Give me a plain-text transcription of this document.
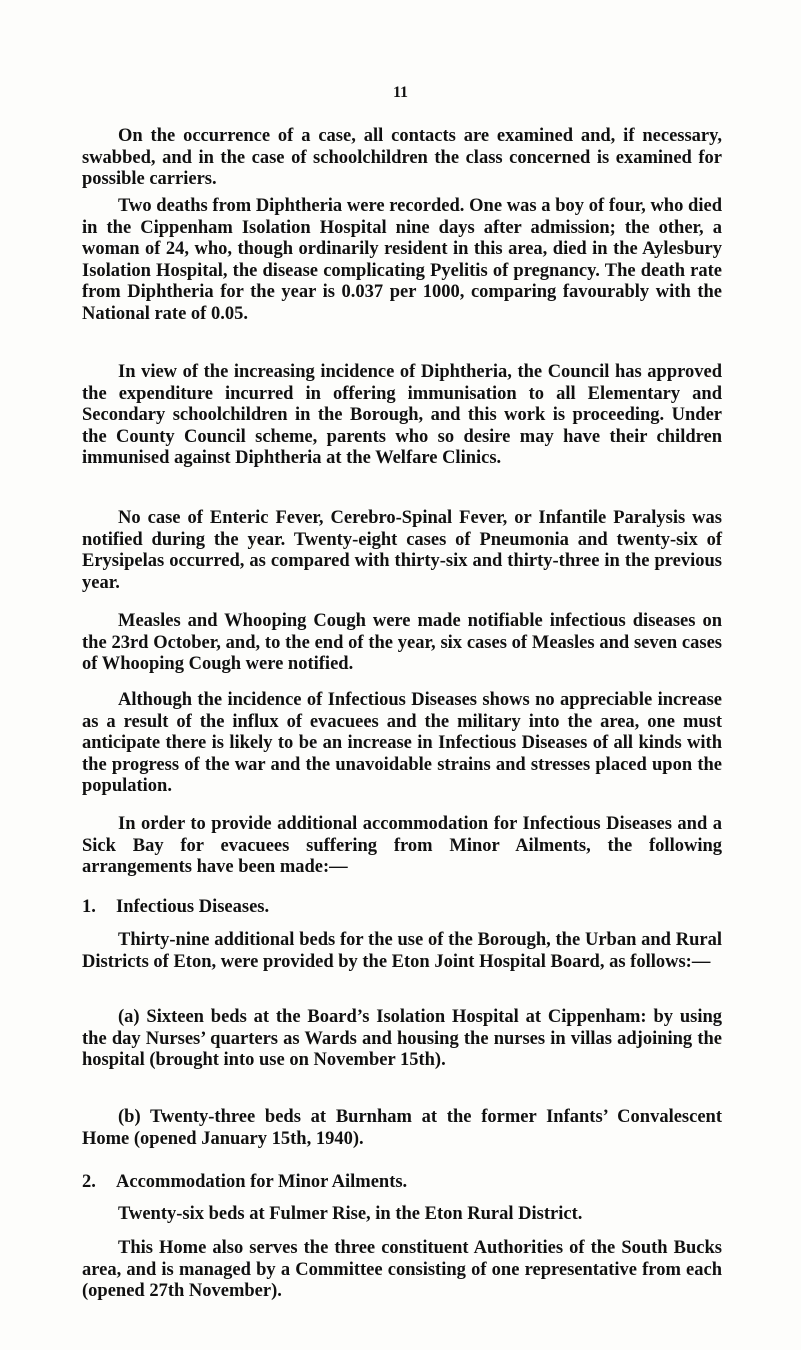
11

On the occurrence of a case, all contacts are examined and, if necessary, swabbed, and in the case of schoolchildren the class concerned is examined for possible carriers.

Two deaths from Diphtheria were recorded. One was a boy of four, who died in the Cippenham Isolation Hospital nine days after admission; the other, a woman of 24, who, though ordinarily resident in this area, died in the Aylesbury Isolation Hospital, the disease complicating Pyelitis of pregnancy. The death rate from Diphtheria for the year is 0.037 per 1000, comparing favourably with the National rate of 0.05.

In view of the increasing incidence of Diphtheria, the Council has approved the expenditure incurred in offering immunisation to all Elementary and Secondary schoolchildren in the Borough, and this work is proceeding. Under the County Council scheme, parents who so desire may have their children immunised against Diphtheria at the Welfare Clinics.

No case of Enteric Fever, Cerebro-Spinal Fever, or Infantile Paralysis was notified during the year. Twenty-eight cases of Pneumonia and twenty-six of Erysipelas occurred, as compared with thirty-six and thirty-three in the previous year.

Measles and Whooping Cough were made notifiable infectious diseases on the 23rd October, and, to the end of the year, six cases of Measles and seven cases of Whooping Cough were notified.

Although the incidence of Infectious Diseases shows no appreciable increase as a result of the influx of evacuees and the military into the area, one must anticipate there is likely to be an increase in Infectious Diseases of all kinds with the progress of the war and the unavoidable strains and stresses placed upon the population.

In order to provide additional accommodation for Infectious Diseases and a Sick Bay for evacuees suffering from Minor Ailments, the following arrangements have been made:—

1. Infectious Diseases.

Thirty-nine additional beds for the use of the Borough, the Urban and Rural Districts of Eton, were provided by the Eton Joint Hospital Board, as follows:—

(a) Sixteen beds at the Board’s Isolation Hospital at Cippenham: by using the day Nurses’ quarters as Wards and housing the nurses in villas adjoining the hospital (brought into use on November 15th).

(b) Twenty-three beds at Burnham at the former Infants’ Convalescent Home (opened January 15th, 1940).

2. Accommodation for Minor Ailments.

Twenty-six beds at Fulmer Rise, in the Eton Rural District.

This Home also serves the three constituent Authorities of the South Bucks area, and is managed by a Committee consisting of one representative from each (opened 27th November).
